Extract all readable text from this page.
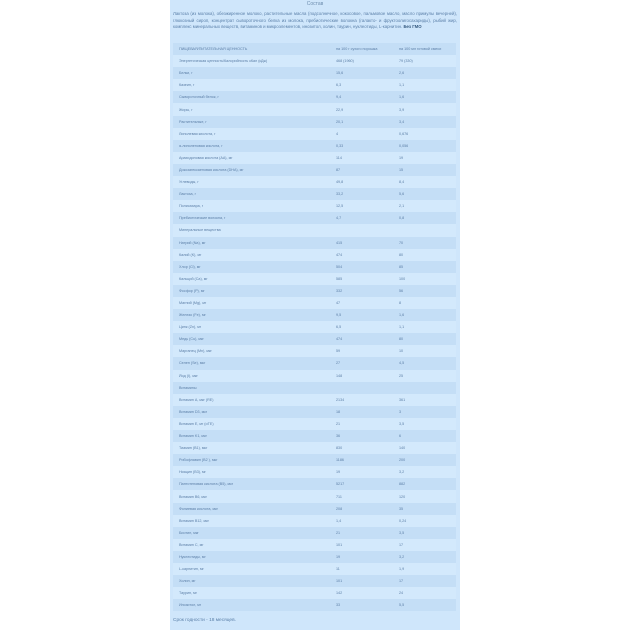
Состав
Лактоза (из молока), обезжиренное молоко, растительные масла (подсолнечное, кокосовое, пальмовое масло, масло примулы вечерней), глюкозный сироп, концентрат сывороточного белка из молока, пребиотические волокна (галакто- и фруктоолигосахариды), рыбий жир, комплекс минеральных веществ, витаминов и микроэлементов, инозитол, холин, таурин, нуклеотиды, L-карнитин. Без ГМО
ПИЩЕВАЯ/ПИТАТЕЛЬНАЯ ЦЕННОСТЬ	на 100 г сухого порошка	на 100 мл готовой смеси
Энергетическая ценность/Калорийность кКал (кДж)	468 (1960)	79 (330)
Белки, г	15,6	2,6
Казеин, г	6,3	1,1
Сывороточный белок, г	9,4	1,6
Жиры, г	22,9	3,9
Растительные, г	20,1	3,4
Линолевая кислота, г	4	0,676
α-линоленовая кислота, г	0,33	0,056
Арахидоновая кислота (АА), мг	114	19
Докозагексаеновая кислота (DHA), мг	87	15
Углеводы, г	49,8	8,4
Лактоза, г	33,2	5,6
Полисахара, г	12,5	2,1
Пребиотические волокна, г	4,7	0,8
Минеральные вещества
Натрий (Na), мг	415	70
Калий (K), мг	474	80
Хлор (Cl), мг	504	85
Кальций (Ca), мг	585	100
Фосфор (P), мг	332	56
Магний (Mg), мг	47	8
Железо (Fe), мг	9,5	1,6
Цинк (Zn), мг	6,5	1,1
Медь (Cu), мкг	474	80
Марганец (Mn), мкг	59	10
Селен (Se), мкг	27	4,5
Йод (I), мкг	148	25
Витамины
Витамин А, мкг (RE)	2134	361
Витамин D3, мкг	18	3
Витамин E, мг (αTE)	21	3,5
Витамин K1, мкг	36	6
Тиамин (B1), мкг	830	140
Рибофлавин (B2 ), мкг	1186	200
Ниацин (B3), мг	19	3,2
Пантотеновая кислота (B5), мкг	5217	882
Витамин B6, мкг	711	120
Фолиевая кислота, мкг	208	35
Витамин B12, мкг	1,4	0,24
Биотин, мкг	21	3,5
Витамин C, мг	101	17
Нуклеотиды, мг	19	3,2
L-карнитин, мг	11	1,9
Холин, мг	101	17
Таурин, мг	142	24
Инозитол, мг	33	5,5
Срок годности - 18 месяцев.
